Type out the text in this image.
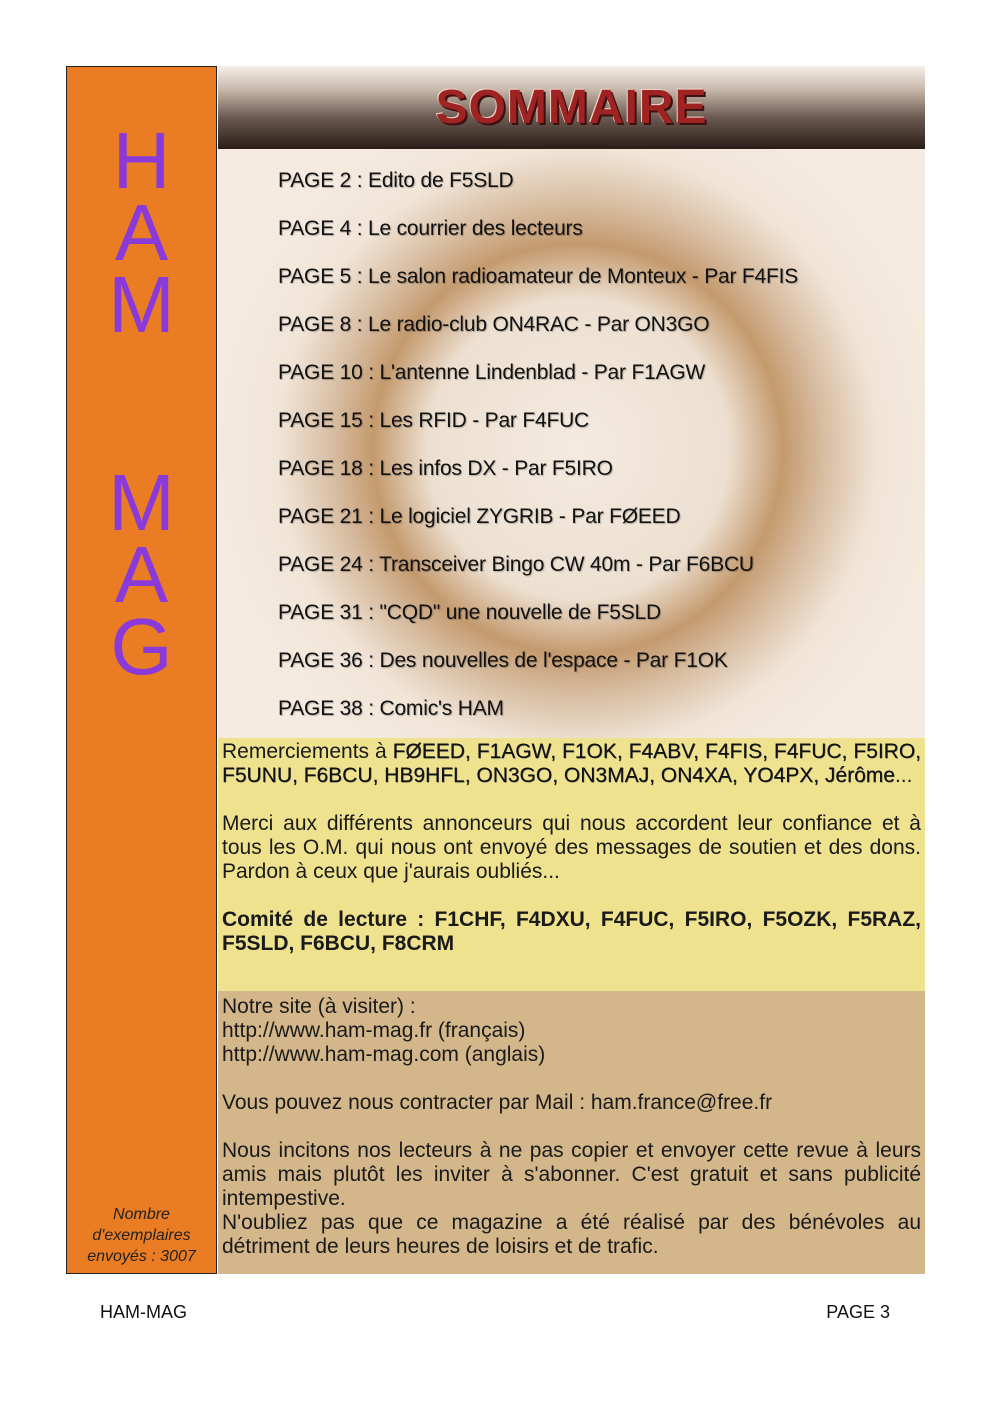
H
A
M
M
A
G
Nombre
d'exemplaires
envoyés : 3007
SOMMAIRE
PAGE 2 : Edito de F5SLD
PAGE 4 : Le courrier des lecteurs
PAGE 5 : Le salon radioamateur de Monteux - Par F4FIS
PAGE 8 : Le radio-club ON4RAC - Par ON3GO
PAGE 10 : L'antenne Lindenblad - Par F1AGW
PAGE 15 : Les RFID - Par F4FUC
PAGE 18 : Les infos DX - Par F5IRO
PAGE 21 : Le logiciel ZYGRIB - Par FØEED
PAGE 24 : Transceiver Bingo CW 40m - Par F6BCU
PAGE 31 : "CQD" une nouvelle de F5SLD
PAGE 36 : Des nouvelles de l'espace - Par F1OK
PAGE 38 : Comic's HAM

Remerciements à FØEED, F1AGW, F1OK, F4ABV, F4FIS, F4FUC, F5IRO, F5UNU, F6BCU, HB9HFL, ON3GO, ON3MAJ, ON4XA, YO4PX, Jérôme...

Merci aux différents annonceurs qui nous accordent leur confiance et à tous les O.M. qui nous ont envoyé des messages de soutien et des dons. Pardon à ceux que j'aurais oubliés...

Comité de lecture : F1CHF, F4DXU, F4FUC, F5IRO, F5OZK, F5RAZ, F5SLD, F6BCU, F8CRM

Notre site (à visiter) :

http://www.ham-mag.fr (français)

http://www.ham-mag.com (anglais)

Vous pouvez nous contracter par Mail : ham.france@free.fr

Nous incitons nos lecteurs à ne pas copier et envoyer cette revue à leurs amis mais plutôt les inviter à s'abonner. C'est gratuit et sans publicité intempestive.

N'oubliez pas que ce magazine a été réalisé par des bénévoles au détriment de leurs heures de loisirs et de trafic.

HAM-MAG	PAGE 3
